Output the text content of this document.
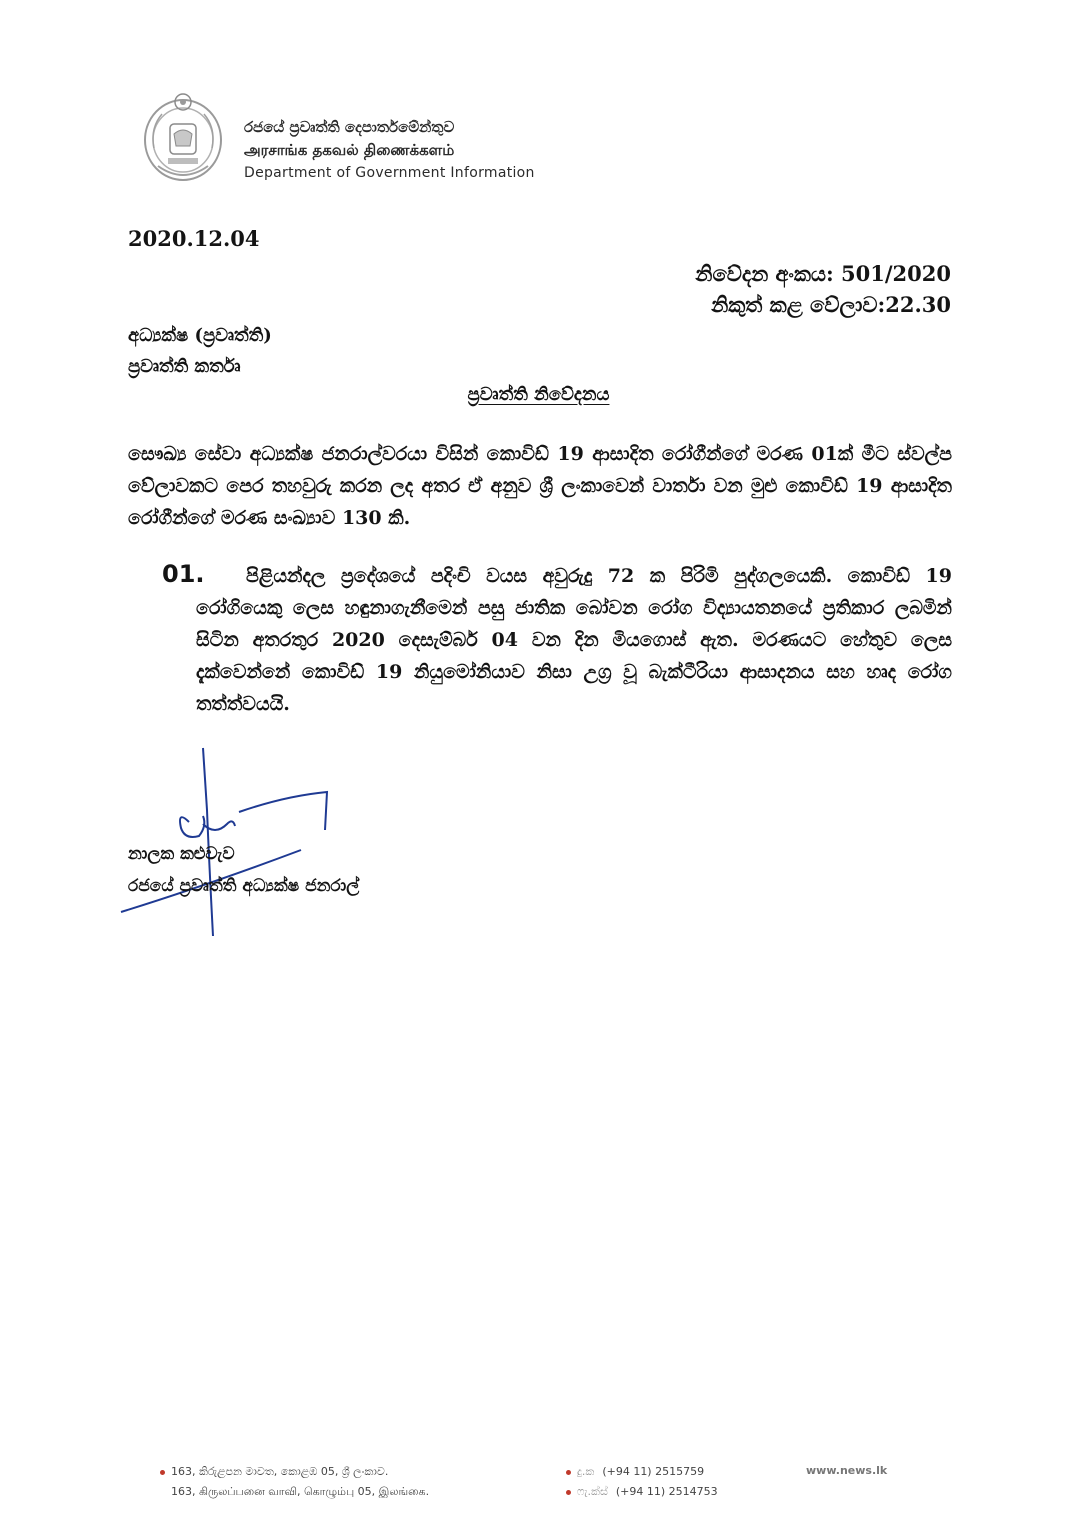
රජයේ ප්‍රවෘත්ති දෙපාර්තමේන්තුව
அரசாங்க தகவல் திணைக்களம்
Department of Government Information
2020.12.04
නිවේදන අංකය: 501/2020
නිකුත් කළ වේලාව:22.30
අධ්‍යක්ෂ (ප්‍රවෘත්ති)
ප්‍රවෘත්ති කර්තෘ
ප්‍රවෘත්ති නිවේදනය
සෞඛ්‍ය සේවා අධ්‍යක්ෂ ජනරාල්වරයා විසින් කොවිඩ් 19 ආසාදිත රෝගීන්ගේ මරණ 01ක් මීට ස්වල්ප වේලාවකට පෙර තහවුරු කරන ලද අතර ඒ අනුව ශ්‍රී ලංකාවෙන් වාර්තා වන මුළු කොවිඩ් 19 ආසාදිත රෝගීන්ගේ මරණ සංඛ්‍යාව 130 කි.
01.	පිළියන්දල ප්‍රදේශයේ පදිංචි වයස අවුරුදු 72 ක පිරිමි පුද්ගලයෙකි. කොවිඩ් 19 රෝගියෙකු ලෙස හඳුනාගැනීමෙන් පසු ජාතික බෝවන රෝග විද්‍යායතනයේ ප්‍රතිකාර ලබමින් සිටින අතරතුර 2020 දෙසැම්බර් 04 වන දින මියගොස් ඇත. මරණයට හේතුව ලෙස දැක්වෙන්නේ කොවිඩ් 19 නියුමෝනියාව නිසා උග්‍ර වූ බැක්ටීරියා ආසාදනය සහ හෘද රෝග තත්ත්වයයි.
නාලක කළුවැව
රජයේ ප්‍රවෘත්ති අධ්‍යක්ෂ ජනරාල්
163, කිරුළපන මාවත, කොළඹ 05, ශ්‍රී ලංකාව.
163, கிருலப்பனை வாவி, கொழும்பு 05, இலங்கை.
දු.ක (+94 11) 2515759
ෆැ.ක්ස් (+94 11) 2514753
www.news.lk
